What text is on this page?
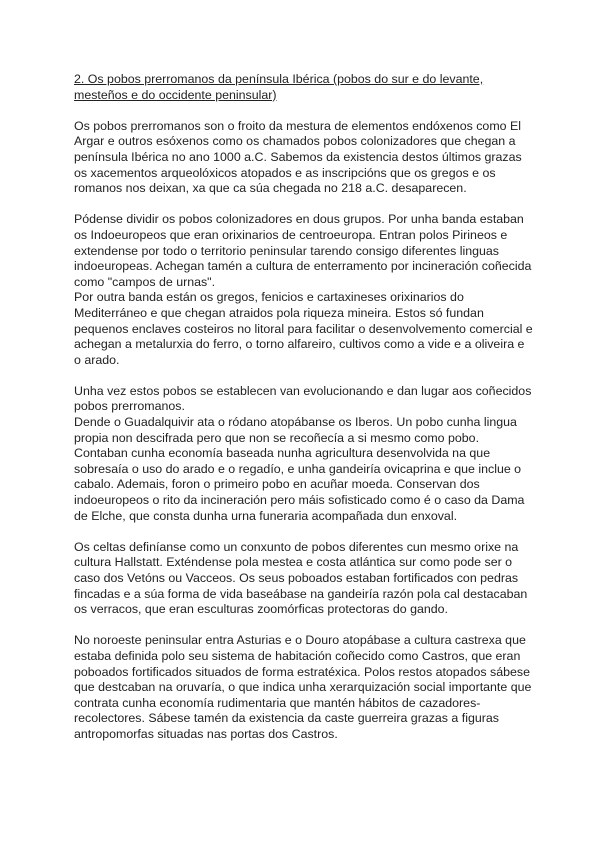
2. Os pobos prerromanos da península Ibérica (pobos do sur e do levante, mesteños e do occidente peninsular)

Os pobos prerromanos son o froito da mestura de elementos endóxenos como El Argar e outros esóxenos como os chamados pobos colonizadores que chegan a península Ibérica no ano 1000 a.C. Sabemos da existencia destos últimos grazas os xacementos arqueolóxicos atopados e as inscripcións que os gregos e os romanos nos deixan, xa que ca súa chegada no 218 a.C. desaparecen.

Pódense dividir os pobos colonizadores en dous grupos. Por unha banda estaban os Indoeuropeos que eran orixinarios de centroeuropa. Entran polos Pirineos e extendense por todo o territorio peninsular tarendo consigo diferentes linguas indoeuropeas. Achegan tamén a cultura de enterramento por incineración coñecida como "campos de urnas".

Por outra banda están os gregos, fenicios e cartaxineses orixinarios do Mediterráneo e que chegan atraidos pola riqueza mineira. Estos só fundan pequenos enclaves costeiros no litoral para facilitar o desenvolvemento comercial e achegan a metalurxia do ferro, o torno alfareiro, cultivos como a vide e a oliveira e o arado.

Unha vez estos pobos se establecen van evolucionando e dan lugar aos coñecidos pobos prerromanos.

Dende o Guadalquivir ata o ródano atopábanse os Iberos. Un pobo cunha lingua propia non descifrada pero que non se recoñecía a si mesmo como pobo. Contaban cunha economía baseada nunha agricultura desenvolvida na que sobresaía o uso do arado e o regadío, e unha gandeiría ovicaprina e que inclue o cabalo. Ademais, foron o primeiro pobo en acuñar moeda. Conservan dos indoeuropeos o rito da incineración pero máis sofisticado como é o caso da Dama de Elche, que consta dunha urna funeraria acompañada dun enxoval.

Os celtas definíanse como un conxunto de pobos diferentes cun mesmo orixe na cultura Hallstatt. Exténdense pola mestea e costa atlántica sur como pode ser o caso dos Vetóns ou Vacceos. Os seus poboados estaban fortificados con pedras fincadas e a súa forma de vida baseábase na gandeiría razón pola cal destacaban os verracos, que eran esculturas zoomórficas protectoras do gando.

No noroeste peninsular entra Asturias e o Douro atopábase a cultura castrexa que estaba definida polo seu sistema de habitación coñecido como Castros, que eran poboados fortificados situados de forma estratéxica. Polos restos atopados sábese que destcaban na oruvaría, o que indica unha xerarquización social importante que contrata cunha economía rudimentaria que mantén hábitos de cazadores-recolectores. Sábese tamén da existencia da caste guerreira grazas a figuras antropomorfas situadas nas portas dos Castros.
